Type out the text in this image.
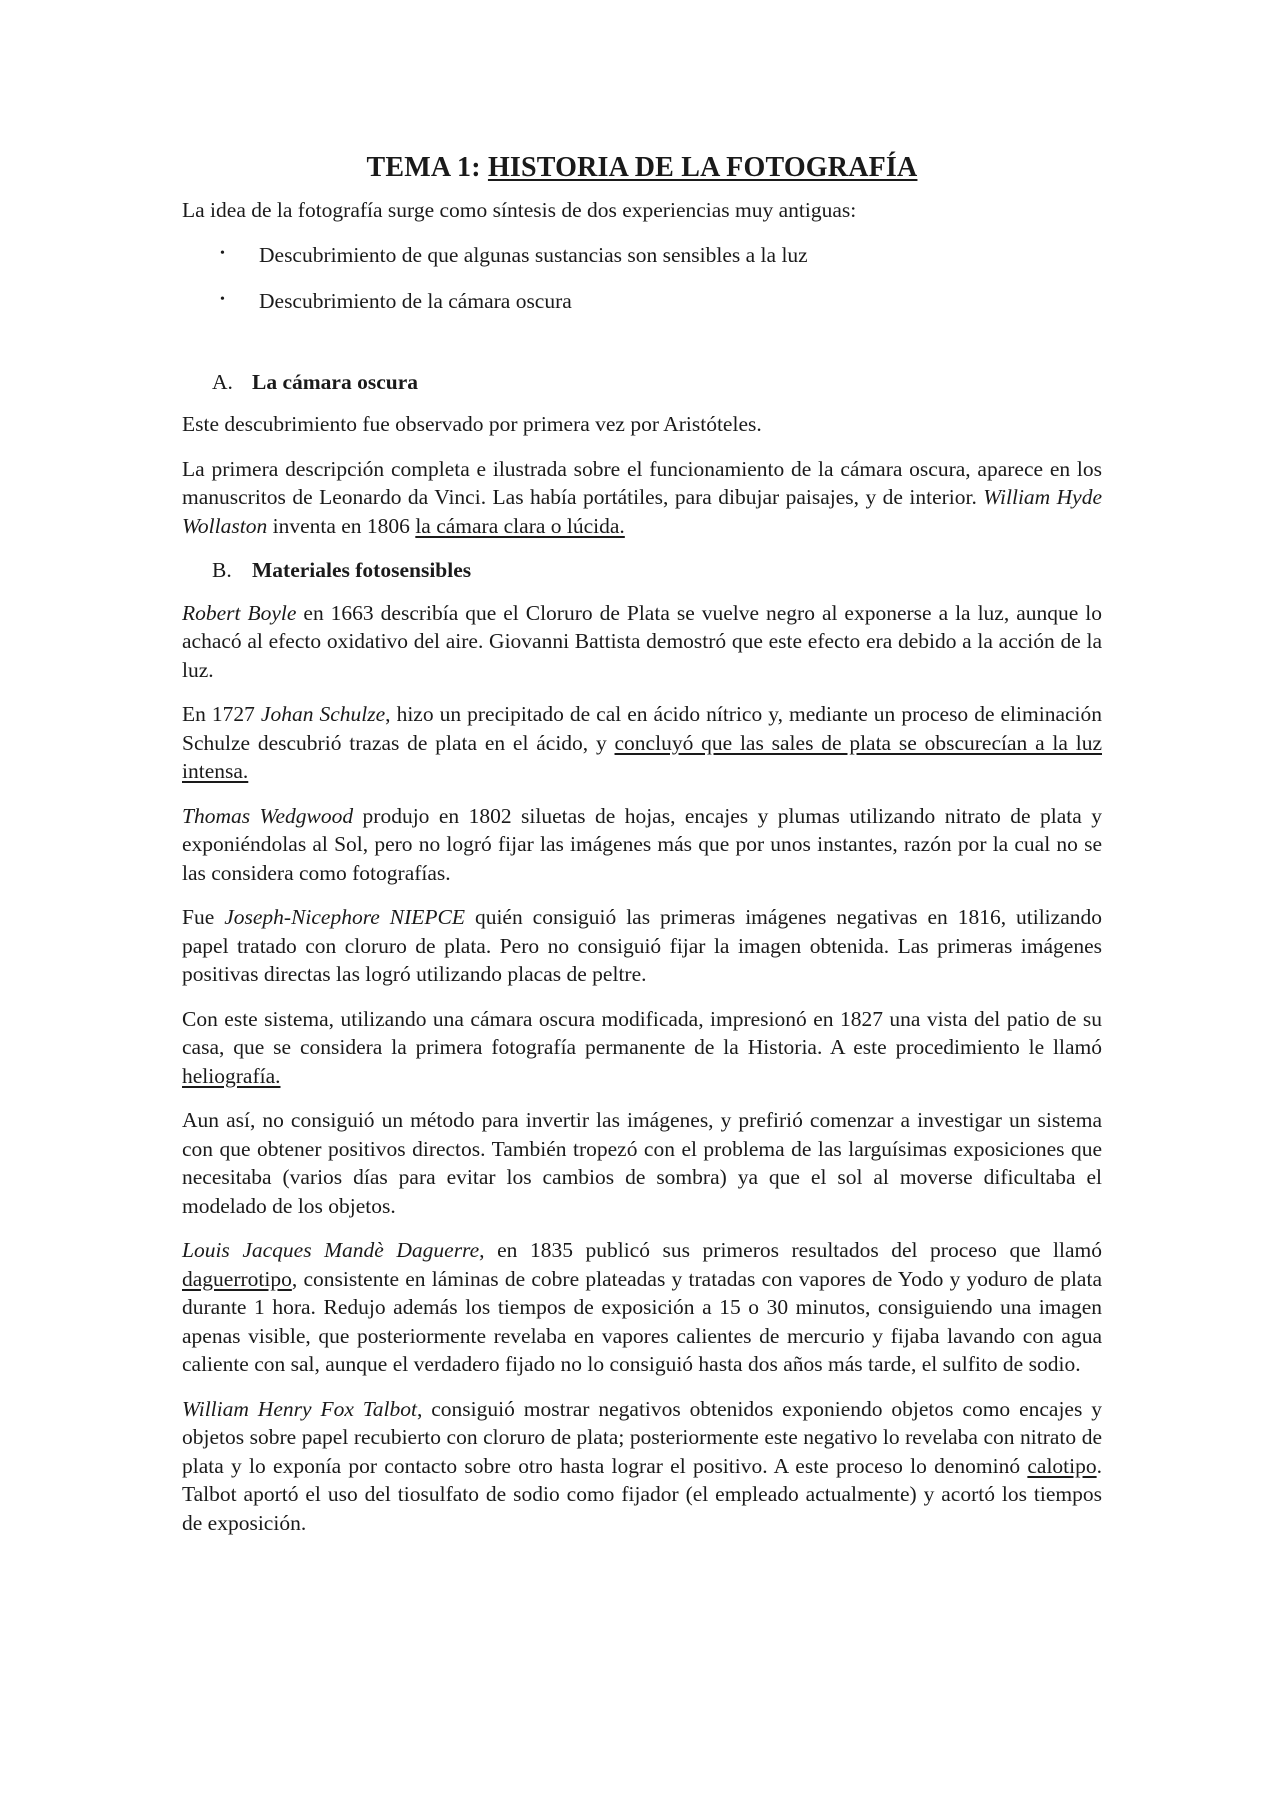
TEMA 1: HISTORIA DE LA FOTOGRAFÍA

La idea de la fotografía surge como síntesis de dos experiencias muy antiguas:

• Descubrimiento de que algunas sustancias son sensibles a la luz
• Descubrimiento de la cámara oscura
A. La cámara oscura

Este descubrimiento fue observado por primera vez por Aristóteles.

La primera descripción completa e ilustrada sobre el funcionamiento de la cámara oscura, aparece en los manuscritos de Leonardo da Vinci. Las había portátiles, para dibujar paisajes, y de interior. William Hyde Wollaston inventa en 1806 la cámara clara o lúcida.

B. Materiales fotosensibles

Robert Boyle en 1663 describía que el Cloruro de Plata se vuelve negro al exponerse a la luz, aunque lo achacó al efecto oxidativo del aire. Giovanni Battista demostró que este efecto era debido a la acción de la luz.

En 1727 Johan Schulze, hizo un precipitado de cal en ácido nítrico y, mediante un proceso de eliminación Schulze descubrió trazas de plata en el ácido, y concluyó que las sales de plata se obscurecían a la luz intensa.

Thomas Wedgwood produjo en 1802 siluetas de hojas, encajes y plumas utilizando nitrato de plata y exponiéndolas al Sol, pero no logró fijar las imágenes más que por unos instantes, razón por la cual no se las considera como fotografías.

Fue Joseph-Nicephore NIEPCE quién consiguió las primeras imágenes negativas en 1816, utilizando papel tratado con cloruro de plata. Pero no consiguió fijar la imagen obtenida. Las primeras imágenes positivas directas las logró utilizando placas de peltre.

Con este sistema, utilizando una cámara oscura modificada, impresionó en 1827 una vista del patio de su casa, que se considera la primera fotografía permanente de la Historia. A este procedimiento le llamó heliografía.

Aun así, no consiguió un método para invertir las imágenes, y prefirió comenzar a investigar un sistema con que obtener positivos directos. También tropezó con el problema de las larguísimas exposiciones que necesitaba (varios días para evitar los cambios de sombra) ya que el sol al moverse dificultaba el modelado de los objetos.

Louis Jacques Mandè Daguerre, en 1835 publicó sus primeros resultados del proceso que llamó daguerrotipo, consistente en láminas de cobre plateadas y tratadas con vapores de Yodo y yoduro de plata durante 1 hora. Redujo además los tiempos de exposición a 15 o 30 minutos, consiguiendo una imagen apenas visible, que posteriormente revelaba en vapores calientes de mercurio y fijaba lavando con agua caliente con sal, aunque el verdadero fijado no lo consiguió hasta dos años más tarde, el sulfito de sodio.

William Henry Fox Talbot, consiguió mostrar negativos obtenidos exponiendo objetos como encajes y objetos sobre papel recubierto con cloruro de plata; posteriormente este negativo lo revelaba con nitrato de plata y lo exponía por contacto sobre otro hasta lograr el positivo. A este proceso lo denominó calotipo. Talbot aportó el uso del tiosulfato de sodio como fijador (el empleado actualmente) y acortó los tiempos de exposición.
